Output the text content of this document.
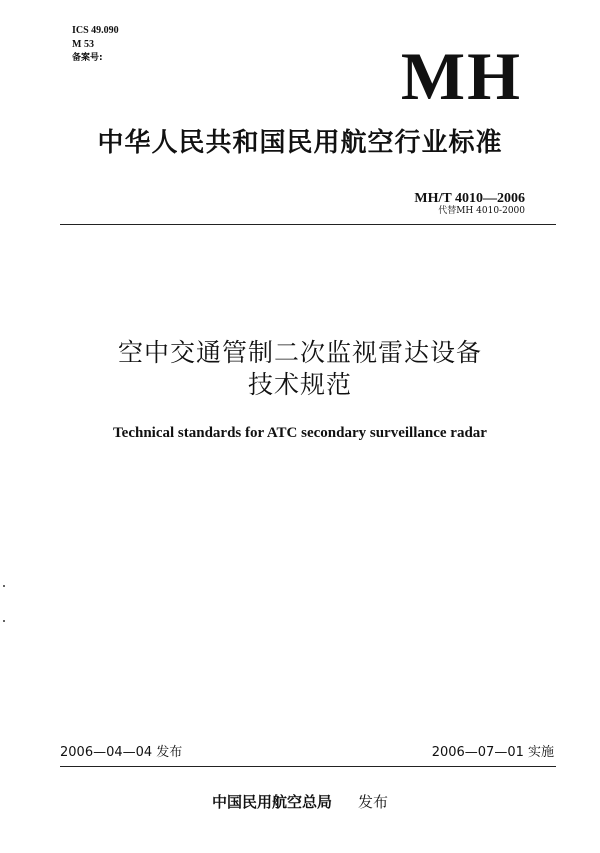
ICS 49.090
M 53
备案号:	MH
中华人民共和国民用航空行业标准
MH/T 4010—2006
代替MH 4010-2000
空中交通管制二次监视雷达设备
技术规范
Technical standards for ATC secondary surveillance radar
2006—04—04 发布	2006—07—01 实施
中国民用航空总局 发布
